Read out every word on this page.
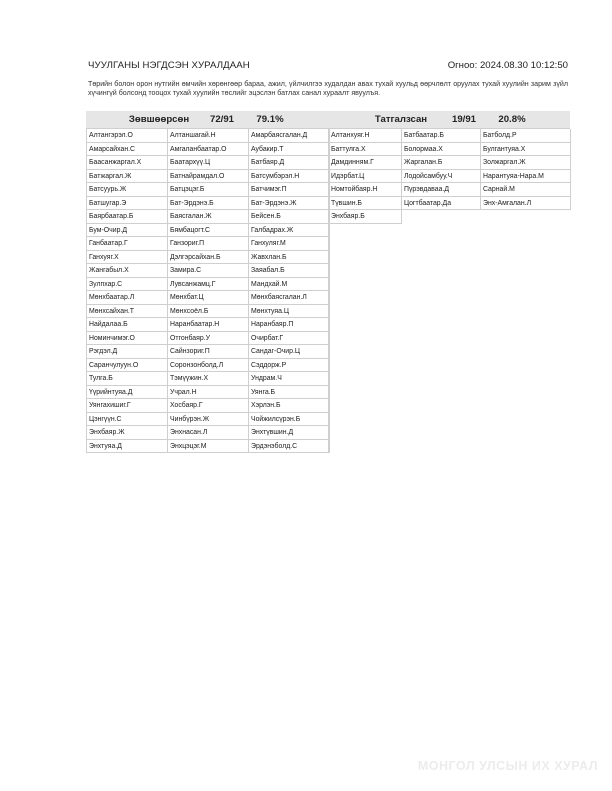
ЧУУЛГАНЫ НЭГДСЭН ХУРАЛДААН	Огноо: 2024.08.30 10:12:50
Төрийн болон орон нутгийн өмчийн хөрөнгөөр бараа, ажил, үйлчилгээ худалдан авах тухай хуульд өөрчлөлт оруулах тухай хуулийн зарим зүйл хүчингүй болсонд тооцох тухай хуулийн төслийг эцэслэн батлах санал хураалт явуулъя.
Зөвшөөрсөн	72/91	79.1%
Алтангэрэл.О	Алтаншагай.Н	Амарбаясгалан.Д
Амарсайхан.С	Амгаланбаатар.О	Аубакир.Т
Баасанжаргал.Х	Баатархүү.Ц	Батбаяр.Д
Батжаргал.Ж	Батнайрамдал.О	Батсумбэрэл.Н
Батсуурь.Ж	Батцэцэг.Б	Батчимэг.П
Батшугар.Э	Бат-Эрдэнэ.Б	Бат-Эрдэнэ.Ж
Баярбаатар.Б	Баясгалан.Ж	Бейсен.Б
Бум-Очир.Д	Бямбацогт.С	Галбадрах.Ж
Ганбаатар.Г	Ганзориг.П	Ганхуляг.М
Ганхуяг.Х	Дэлгэрсайхан.Б	Жавхлан.Б
Жангабыл.Х	Замира.С	Заяабал.Б
Зулпхар.С	Лувсанжамц.Г	Мандхай.М
Мөнхбаатар.Л	Мөнхбат.Ц	Мөнхбаясгалан.Л
Мөнхсайхан.Т	Мөнхсоёл.Б	Мөнхтуяа.Ц
Найдалаа.Б	Наранбаатар.Н	Наранбаяр.П
Номинчимэг.О	Отгонбаяр.У	Очирбат.Г
Рэгдэл.Д	Сайнзориг.П	Сандаг-Очир.Ц
Саранчулуун.О	Соронзонболд.Л	Сэддорж.Р
Тулга.Б	Тэмүүжин.Х	Ундрам.Ч
Үүрийнтуяа.Д	Учрал.Н	Уянга.Б
Уянгахишиг.Г	Хосбаяр.Г	Хэрлэн.Б
Цэнгүүн.С	Чинбүрэн.Ж	Чойжилсүрэн.Б
Энхбаяр.Ж	Энхнасан.Л	Энхтүвшин.Д
Энхтуяа.Д	Энхцэцэг.М	Эрдэнэболд.С
Татгалзсан	19/91	20.8%
Алтанхуяг.Н	Батбаатар.Б	Батболд.Р
Баттулга.Х	Болормаа.Х	Булгантуяа.Х
Дамдинням.Г	Жаргалан.Б	Золжаргал.Ж
Идэрбат.Ц	Лодойсамбуу.Ч	Нарантуяа-Нара.М
Номтойбаяр.Н	Пүрэвдаваа.Д	Сарнай.М
Түвшин.Б	Цогтбаатар.Да	Энх-Амгалан.Л
Энхбаяр.Б
МОНГОЛ УЛСЫН ИХ ХУРАЛ
